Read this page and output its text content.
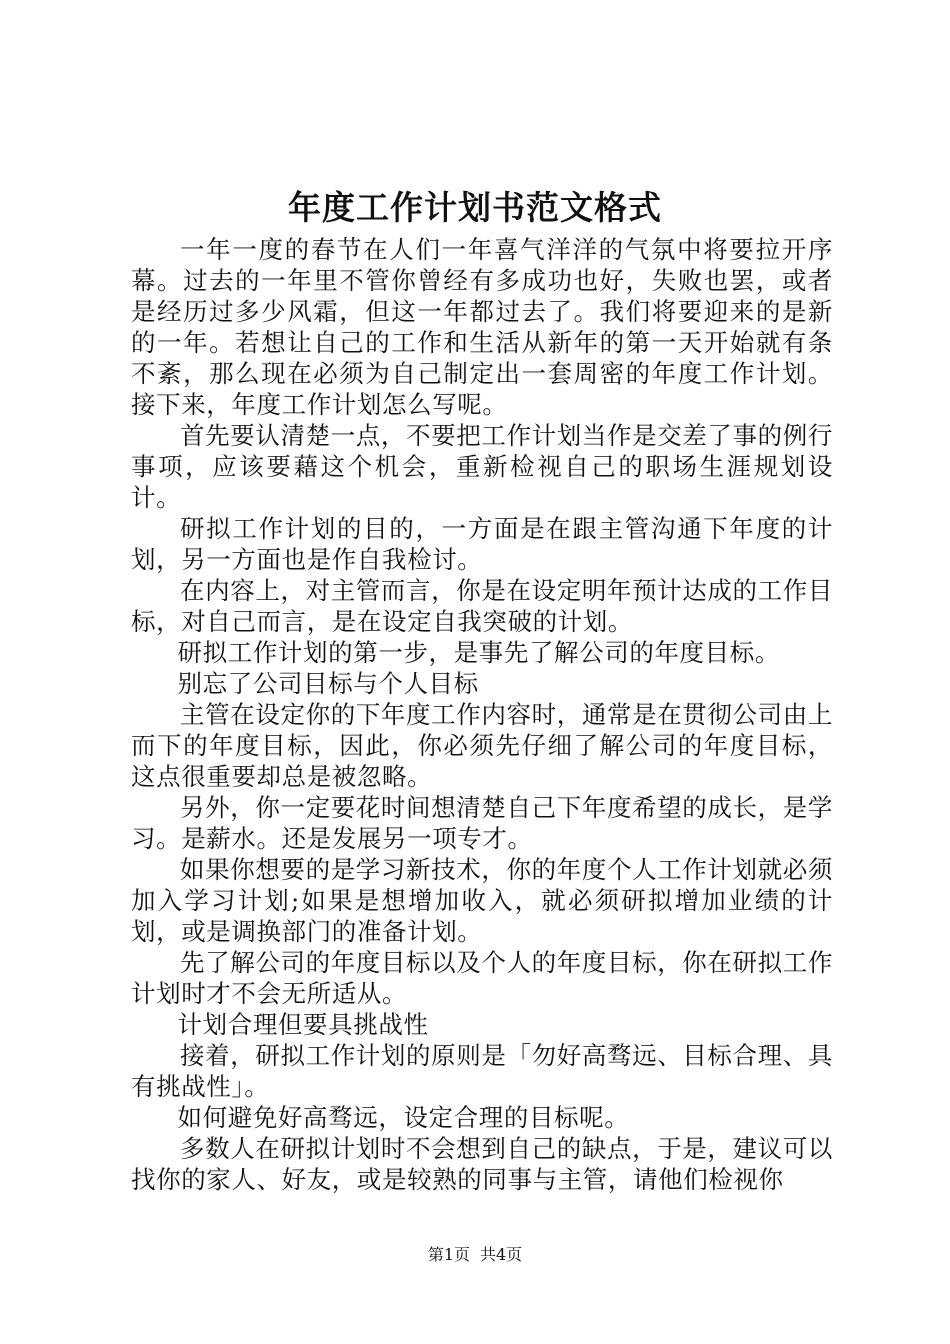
年度工作计划书范文格式

一年一度的春节在人们一年喜气洋洋的气氛中将要拉开序幕。过去的一年里不管你曾经有多成功也好，失败也罢，或者是经历过多少风霜，但这一年都过去了。我们将要迎来的是新的一年。若想让自己的工作和生活从新年的第一天开始就有条不紊，那么现在必须为自己制定出一套周密的年度工作计划。接下来，年度工作计划怎么写呢。

首先要认清楚一点，不要把工作计划当作是交差了事的例行事项，应该要藉这个机会，重新检视自己的职场生涯规划设计。

研拟工作计划的目的，一方面是在跟主管沟通下年度的计划，另一方面也是作自我检讨。

在内容上，对主管而言，你是在设定明年预计达成的工作目标，对自己而言，是在设定自我突破的计划。

研拟工作计划的第一步，是事先了解公司的年度目标。

别忘了公司目标与个人目标

主管在设定你的下年度工作内容时，通常是在贯彻公司由上而下的年度目标，因此，你必须先仔细了解公司的年度目标，这点很重要却总是被忽略。

另外，你一定要花时间想清楚自己下年度希望的成长，是学习。是薪水。还是发展另一项专才。

如果你想要的是学习新技术，你的年度个人工作计划就必须加入学习计划;如果是想增加收入，就必须研拟增加业绩的计划，或是调换部门的准备计划。

先了解公司的年度目标以及个人的年度目标，你在研拟工作计划时才不会无所适从。

计划合理但要具挑战性

接着，研拟工作计划的原则是「勿好高骛远、目标合理、具有挑战性」。

如何避免好高骛远，设定合理的目标呢。

多数人在研拟计划时不会想到自己的缺点，于是，建议可以找你的家人、好友，或是较熟的同事与主管，请他们检视你

第1页 共4页
